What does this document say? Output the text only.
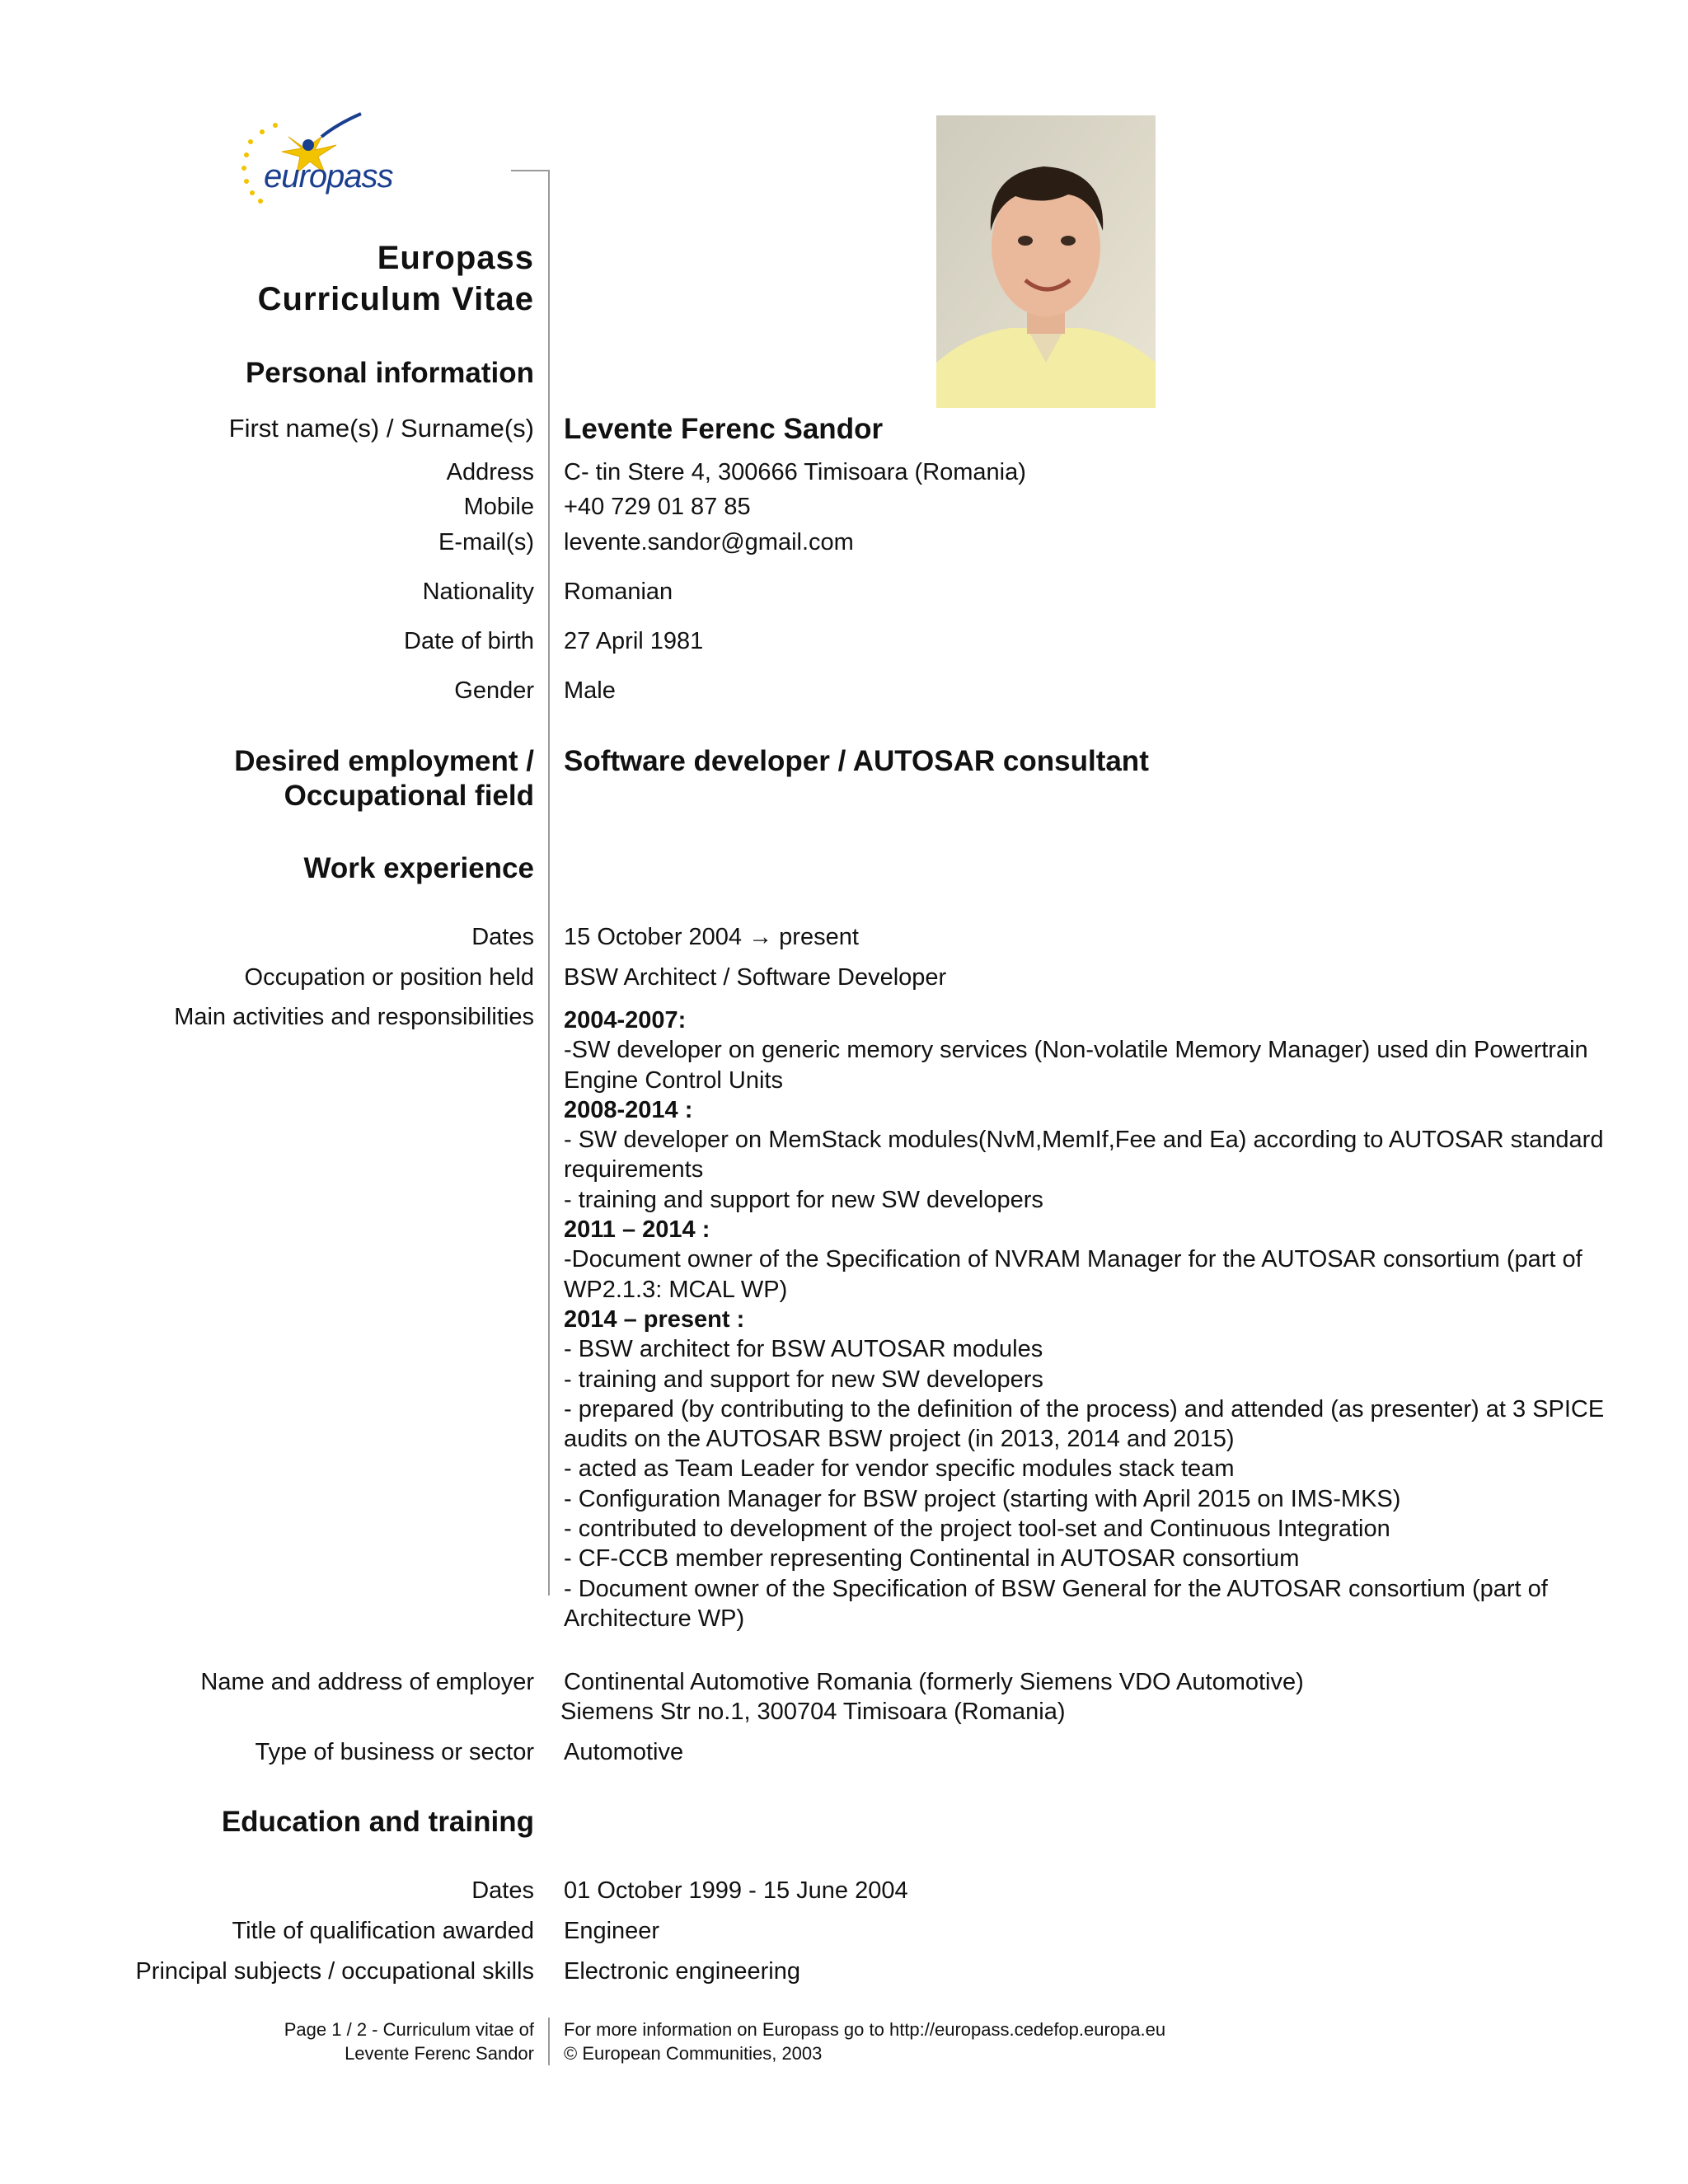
europass
Europass
Curriculum Vitae
Personal information
First name(s) / Surname(s) Levente Ferenc Sandor
Address C- tin Stere 4, 300666 Timisoara (Romania)
Mobile +40 729 01 87 85
E-mail(s) levente.sandor@gmail.com
Nationality Romanian
Date of birth 27 April 1981
Gender Male
Desired employment /
Occupational field
Software developer / AUTOSAR consultant
Work experience
Dates 15 October 2004 → present
Occupation or position held BSW Architect / Software Developer
Main activities and responsibilities 2004-2007:
-SW developer on generic memory services (Non-volatile Memory Manager) used din Powertrain
Engine Control Units
2008-2014 :
- SW developer on MemStack modules(NvM,MemIf,Fee and Ea) according to AUTOSAR standard
requirements
- training and support for new SW developers
2011 – 2014 :
-Document owner of the Specification of NVRAM Manager for the AUTOSAR consortium (part of
WP2.1.3: MCAL WP)
2014 – present :
- BSW architect for BSW AUTOSAR modules
- training and support for new SW developers
- prepared (by contributing to the definition of the process) and attended (as presenter) at 3 SPICE
audits on the AUTOSAR BSW project (in 2013, 2014 and 2015)
- acted as Team Leader for vendor specific modules stack team
- Configuration Manager for BSW project (starting with April 2015 on IMS-MKS)
- contributed to development of the project tool-set and Continuous Integration
- CF-CCB member representing Continental in AUTOSAR consortium
- Document owner of the Specification of BSW General for the AUTOSAR consortium (part of
Architecture WP)
Name and address of employer Continental Automotive Romania (formerly Siemens VDO Automotive)
Siemens Str no.1, 300704 Timisoara (Romania)
Type of business or sector Automotive
Education and training
Dates 01 October 1999 - 15 June 2004
Title of qualification awarded Engineer
Principal subjects / occupational skills Electronic engineering
Page 1 / 2 - Curriculum vitae of
Levente Ferenc Sandor
For more information on Europass go to http://europass.cedefop.europa.eu
© European Communities, 2003
